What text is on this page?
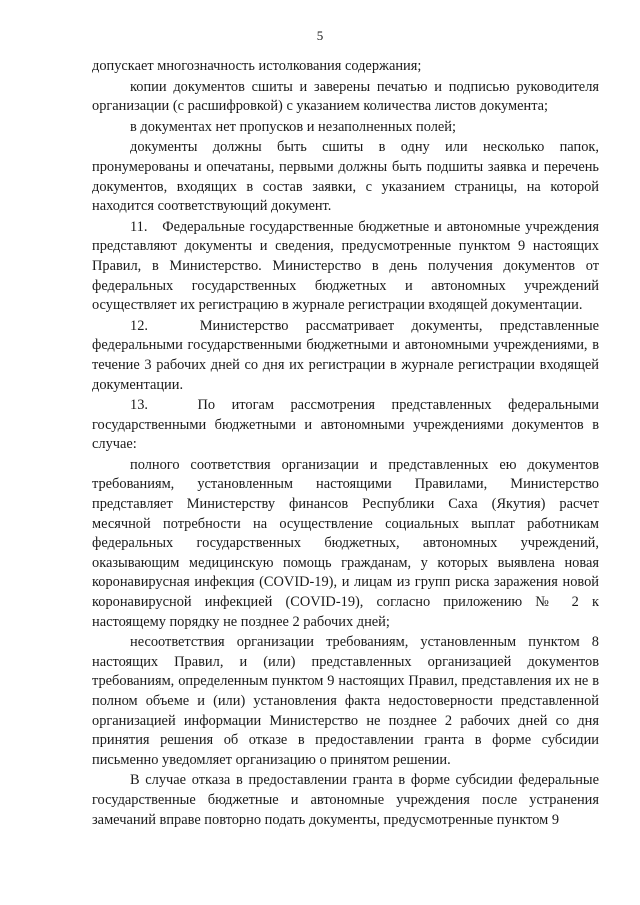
5

допускает многозначность истолкования содержания;

копии документов сшиты и заверены печатью и подписью руководителя организации (с расшифровкой) с указанием количества листов документа;

в документах нет пропусков и незаполненных полей;

документы должны быть сшиты в одну или несколько папок, пронумерованы и опечатаны, первыми должны быть подшиты заявка и перечень документов, входящих в состав заявки, с указанием страницы, на которой находится соответствующий документ.

11.   Федеральные государственные бюджетные и автономные учреждения представляют документы и сведения, предусмотренные пунктом 9 настоящих Правил, в Министерство. Министерство в день получения документов от федеральных государственных бюджетных и автономных учреждений осуществляет их регистрацию в журнале регистрации входящей документации.

12.   Министерство рассматривает документы, представленные федеральными государственными бюджетными и автономными учреждениями, в течение 3 рабочих дней со дня их регистрации в журнале регистрации входящей документации.

13.   По итогам рассмотрения представленных федеральными государственными бюджетными и автономными учреждениями документов в случае:

полного соответствия организации и представленных ею документов требованиям, установленным настоящими Правилами, Министерство представляет Министерству финансов Республики Саха (Якутия) расчет месячной потребности на осуществление социальных выплат работникам федеральных государственных бюджетных, автономных учреждений, оказывающим медицинскую помощь гражданам, у которых выявлена новая коронавирусная инфекция (COVID-19), и лицам из групп риска заражения новой коронавирусной инфекцией (COVID-19), согласно приложению № 2 к настоящему порядку не позднее 2 рабочих дней;

несоответствия организации требованиям, установленным пунктом 8 настоящих Правил, и (или) представленных организацией документов требованиям, определенным пунктом 9 настоящих Правил, представления их не в полном объеме и (или) установления факта недостоверности представленной организацией информации Министерство не позднее 2 рабочих дней со дня принятия решения об отказе в предоставлении гранта в форме субсидии письменно уведомляет организацию о принятом решении.

В случае отказа в предоставлении гранта в форме субсидии федеральные государственные бюджетные и автономные учреждения после устранения замечаний вправе повторно подать документы, предусмотренные пунктом 9
